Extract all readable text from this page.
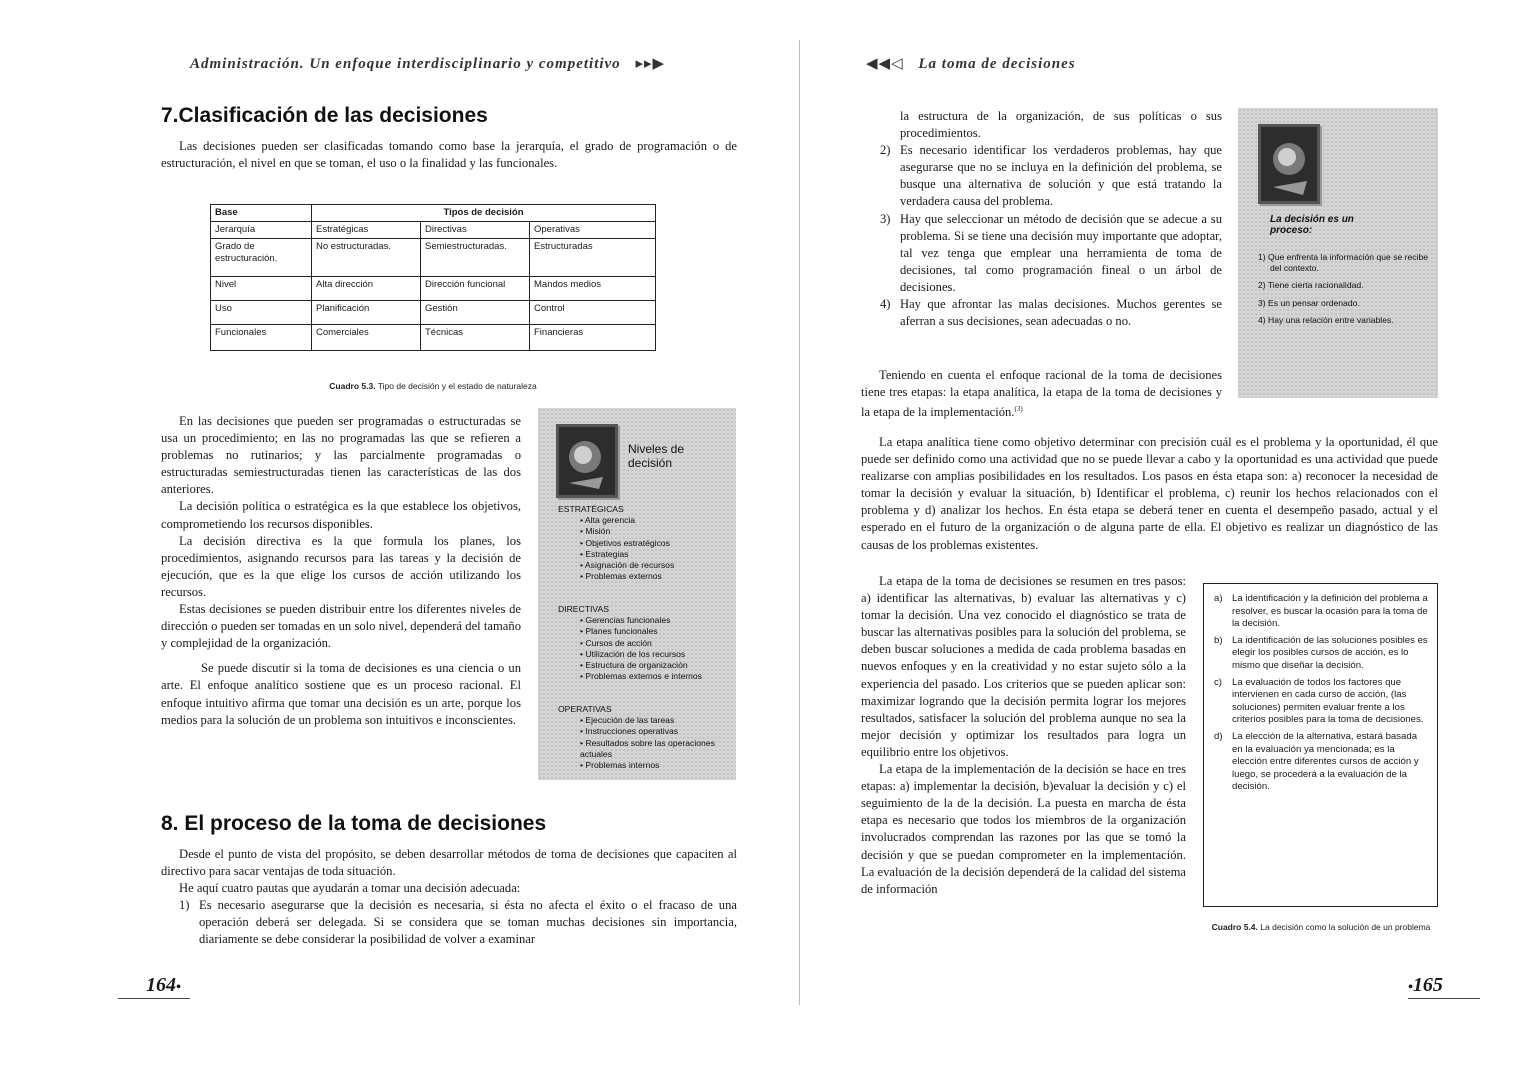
Administración. Un enfoque interdisciplinario y competitivo ▸▸▶
7.Clasificación de las decisiones

Las decisiones pueden ser clasificadas tomando como base la jerarquía, el grado de programación o de estructuración, el nivel en que se toman, el uso o la finalidad y las funcionales.

Base	Tipos de decisión		
Jerarquía	Estratégicas	Directivas	Operativas
Grado de estructuración.	No estructuradas.	Semiestructuradas.	Estructuradas
Nivel	Alta dirección	Dirección funcional	Mandos medios
Uso	Planificación	Gestión	Control
Funcionales	Comerciales	Técnicas	Financieras
Cuadro 5.3. Tipo de decisión y el estado de naturaleza

En las decisiones que pueden ser programadas o estructuradas se usa un procedimiento; en las no programadas las que se refieren a problemas no rutinarios; y las parcialmente programadas o estructuradas semiestructuradas tienen las características de las dos anteriores.

La decisión política o estratégica es la que establece los objetivos, comprometiendo los recursos disponibles.

La decisión directiva es la que formula los planes, los procedimientos, asignando recursos para las tareas y la decisión de ejecución, que es la que elige los cursos de acción utilizando los recursos.

Estas decisiones se pueden distribuir entre los diferentes niveles de dirección o pueden ser tomadas en un solo nivel, dependerá del tamaño y complejidad de la organización.

Se puede discutir si la toma de decisiones es una ciencia o un arte. El enfoque analítico sostiene que es un proceso racional. El enfoque intuitivo afirma que tomar una decisión es un arte, porque los medios para la solución de un problema son intuitivos e inconscientes.

Niveles de decisión
ESTRATÉGICAS
• Alta gerencia
• Misión
• Objetivos estratégicos
• Estrategias
• Asignación de recursos
• Problemas externos
DIRECTIVAS
• Gerencias funcionales
• Planes funcionales
• Cursos de acción
• Utilización de los recursos
• Estructura de organización
• Problemas externos e internos
OPERATIVAS
• Ejecución de las tareas
• Instrucciones operativas
• Resultados sobre las operaciones actuales
• Problemas internos
8. El proceso de la toma de decisiones

Desde el punto de vista del propósito, se deben desarrollar métodos de toma de decisiones que capaciten al directivo para sacar ventajas de toda situación.

He aquí cuatro pautas que ayudarán a tomar una decisión adecuada:

1) Es necesario asegurarse que la decisión es necesaria, si ésta no afecta el éxito o el fracaso de una operación deberá ser delegada. Si se considera que se toman muchas decisiones sin importancia, diariamente se debe considerar la posibilidad de volver a examinar
164•
◀◀◁ La toma de decisiones

la estructura de la organización, de sus políticas o sus procedimientos.

2) Es necesario identificar los verdaderos problemas, hay que asegurarse que no se incluya en la definición del problema, se busque una alternativa de solución y que está tratando la verdadera causa del problema.
3) Hay que seleccionar un método de decisión que se adecue a su problema. Si se tiene una decisión muy importante que adoptar, tal vez tenga que emplear una herramienta de toma de decisiones, tal como programación fineal o un árbol de decisiones.
4) Hay que afrontar las malas decisiones. Muchos gerentes se aferran a sus decisiones, sean adecuadas o no.

Teniendo en cuenta el enfoque racional de la toma de decisiones tiene tres etapas: la etapa analítica, la etapa de la toma de decisiones y la etapa de la implementación.$^{(3)}$

La decisión es un proceso:
1) Que enfrenta la información que se recibe del contexto.
2) Tiene cierta racionalidad.
3) Es un pensar ordenado.
4) Hay una relación entre variables.

La etapa analítica tiene como objetivo determinar con precisión cuál es el problema y la oportunidad, él que puede ser definido como una actividad que no se puede llevar a cabo y la oportunidad es una actividad que puede realizarse con amplias posibilidades en los resultados. Los pasos en ésta etapa son: a) reconocer la necesidad de tomar la decisión y evaluar la situación, b) Identificar el problema, c) reunir los hechos relacionados con el problema y d) analizar los hechos. En ésta etapa se deberá tener en cuenta el desempeño pasado, actual y el esperado en el futuro de la organización o de alguna parte de ella. El objetivo es realizar un diagnóstico de las causas de los problemas existentes.

La etapa de la toma de decisiones se resumen en tres pasos: a) identificar las alternativas, b) evaluar las alternativas y c) tomar la decisión. Una vez conocido el diagnóstico se trata de buscar las alternativas posibles para la solución del problema, se deben buscar soluciones a medida de cada problema basadas en nuevos enfoques y en la creatividad y no estar sujeto sólo a la experiencia del pasado. Los criterios que se pueden aplicar son: maximizar logrando que la decisión permita lograr los mejores resultados, satisfacer la solución del problema aunque no sea la mejor decisión y optimizar los resultados para logra un equilibrio entre los objetivos.

La etapa de la implementación de la decisión se hace en tres etapas: a) implementar la decisión, b)evaluar la decisión y c) el seguimiento de la de la decisión. La puesta en marcha de ésta etapa es necesario que todos los miembros de la organización involucrados comprendan las razones por las que se tomó la decisión y que se puedan comprometer en la implementación. La evaluación de la decisión dependerá de la calidad del sistema de información

a) La identificación y la definición del problema a resolver, es buscar la ocasión para la toma de la decisión.
b) La identificación de las soluciones posibles es elegir los posibles cursos de acción, es lo mismo que diseñar la decisión.
c) La evaluación de todos los factores que intervienen en cada curso de acción, (las soluciones) permiten evaluar frente a los criterios posibles para la toma de decisiones.
d) La elección de la alternativa, estará basada en la evaluación ya mencionada; es la elección entre diferentes cursos de acción y luego, se procederá a la evaluación de la decisión.
Cuadro 5.4. La decisión como la solución de un problema
•165
